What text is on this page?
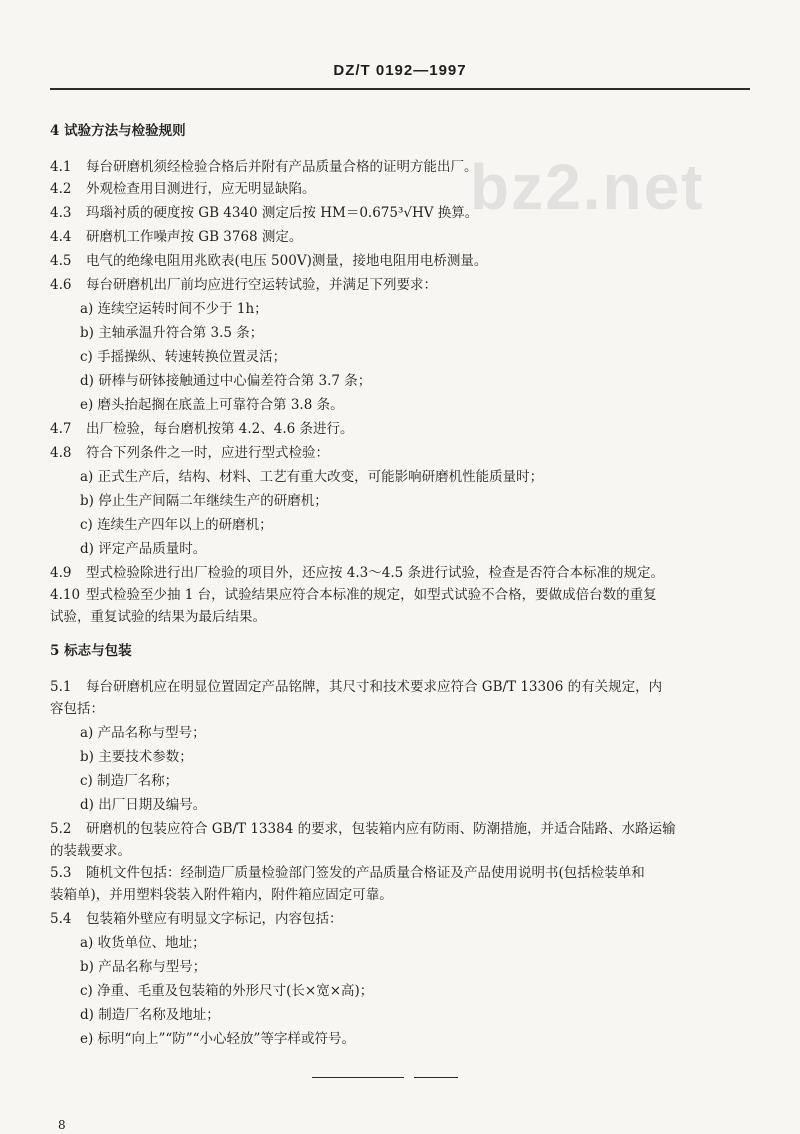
DZ/T 0192—1997
bz2.net
4 试验方法与检验规则
4.1 每台研磨机须经检验合格后并附有产品质量合格的证明方能出厂。
4.2 外观检查用目测进行，应无明显缺陷。
4.3 玛瑙衬质的硬度按 GB 4340 测定后按 HM＝0.675³√HV 换算。
4.4 研磨机工作噪声按 GB 3768 测定。
4.5 电气的绝缘电阻用兆欧表(电压 500V)测量，接地电阻用电桥测量。
4.6 每台研磨机出厂前均应进行空运转试验，并满足下列要求：
a) 连续空运转时间不少于 1h；
b) 主轴承温升符合第 3.5 条；
c) 手摇操纵、转速转换位置灵活；
d) 研棒与研钵接触通过中心偏差符合第 3.7 条；
e) 磨头抬起搁在底盖上可靠符合第 3.8 条。
4.7 出厂检验，每台磨机按第 4.2、4.6 条进行。
4.8 符合下列条件之一时，应进行型式检验：
a) 正式生产后，结构、材料、工艺有重大改变，可能影响研磨机性能质量时；
b) 停止生产间隔二年继续生产的研磨机；
c) 连续生产四年以上的研磨机；
d) 评定产品质量时。
4.9 型式检验除进行出厂检验的项目外，还应按 4.3～4.5 条进行试验，检查是否符合本标准的规定。
4.10 型式检验至少抽 1 台，试验结果应符合本标准的规定，如型式试验不合格，要做成倍台数的重复
试验，重复试验的结果为最后结果。
5 标志与包装
5.1 每台研磨机应在明显位置固定产品铭牌，其尺寸和技术要求应符合 GB/T 13306 的有关规定，内
容包括：
a) 产品名称与型号；
b) 主要技术参数；
c) 制造厂名称；
d) 出厂日期及编号。
5.2 研磨机的包装应符合 GB/T 13384 的要求，包装箱内应有防雨、防潮措施，并适合陆路、水路运输
的装载要求。
5.3 随机文件包括：经制造厂质量检验部门签发的产品质量合格证及产品使用说明书(包括检装单和
装箱单)，并用塑料袋装入附件箱内，附件箱应固定可靠。
5.4 包装箱外壁应有明显文字标记，内容包括：
a) 收货单位、地址；
b) 产品名称与型号；
c) 净重、毛重及包装箱的外形尺寸(长×宽×高)；
d) 制造厂名称及地址；
e) 标明“向上”“防”“小心轻放”等字样或符号。
8
